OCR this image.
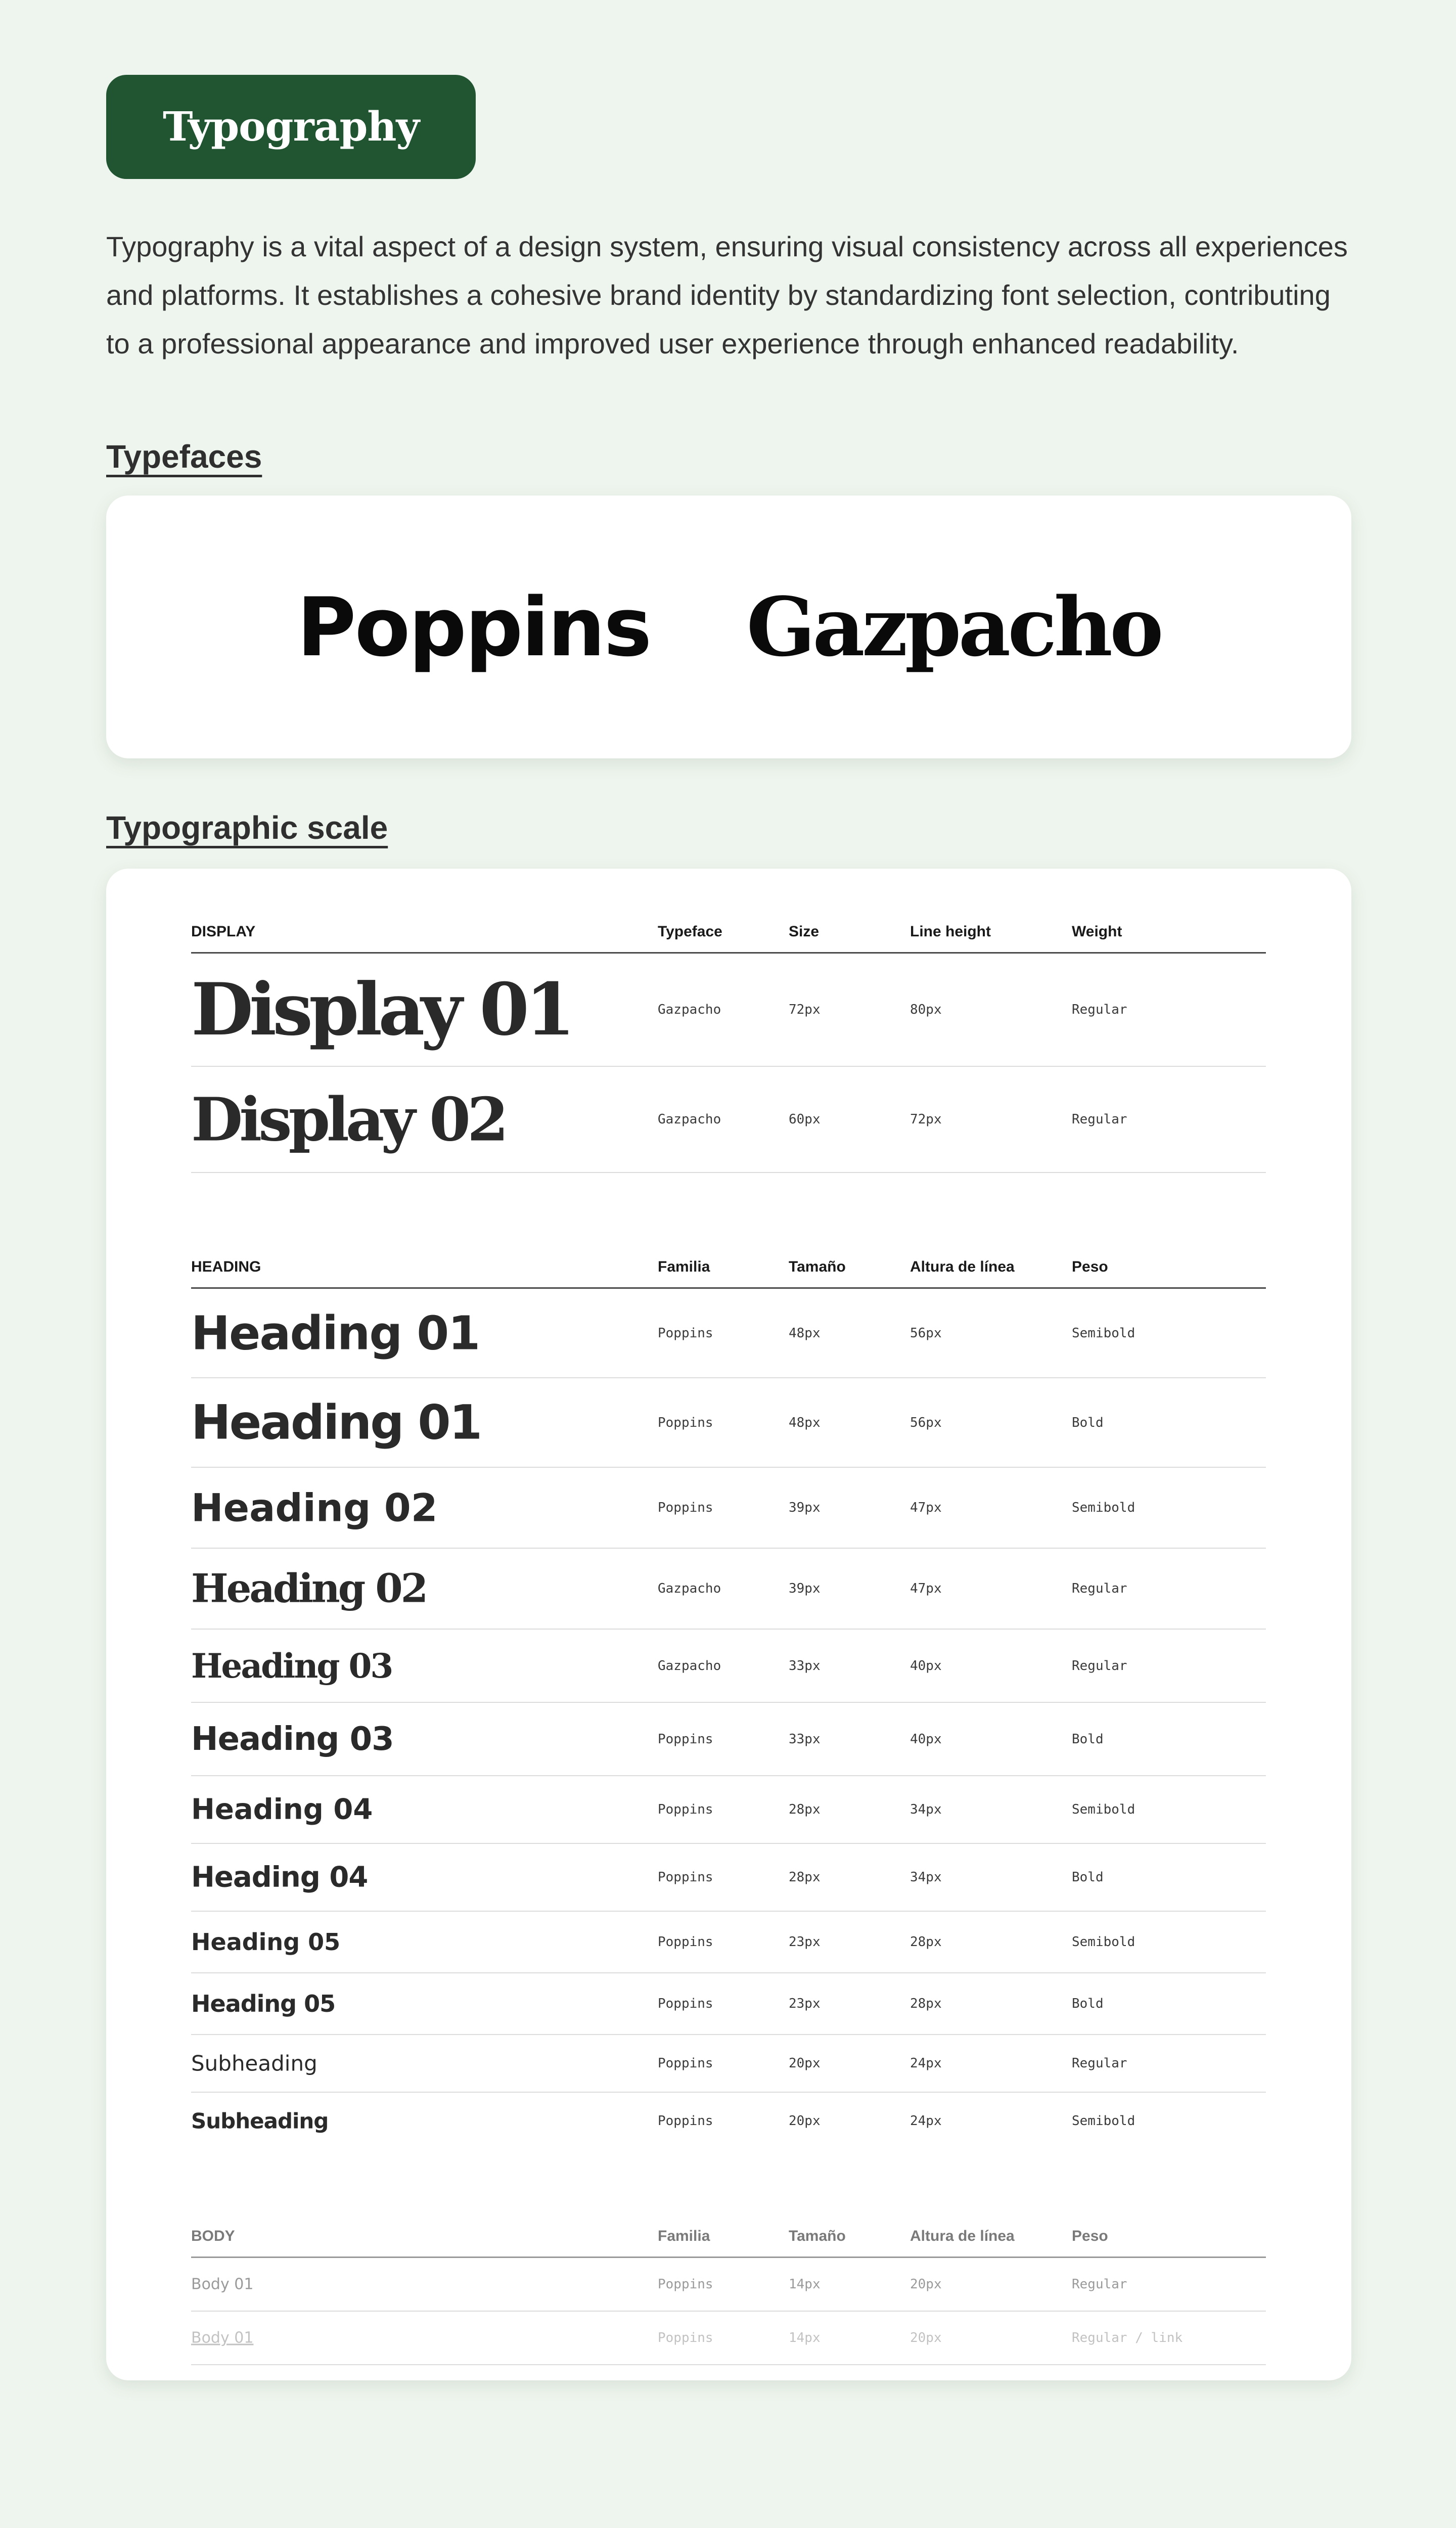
Typography
Typography is a vital aspect of a design system, ensuring visual consistency across all experiences and platforms. It establishes a cohesive brand identity by standardizing font selection, contributing to a professional appearance and improved user experience through enhanced readability.
Typefaces
Poppins Gazpacho
Typographic scale
DISPLAY	Typeface	Size	Line height	Weight
Display 01	Gazpacho	72px	80px	Regular
Display 02	Gazpacho	60px	72px	Regular
HEADING	Familia	Tamaño	Altura de línea	Peso
Heading 01	Poppins	48px	56px	Semibold
Heading 01	Poppins	48px	56px	Bold
Heading 02	Poppins	39px	47px	Semibold
Heading 02	Gazpacho	39px	47px	Regular
Heading 03	Gazpacho	33px	40px	Regular
Heading 03	Poppins	33px	40px	Bold
Heading 04	Poppins	28px	34px	Semibold
Heading 04	Poppins	28px	34px	Bold
Heading 05	Poppins	23px	28px	Semibold
Heading 05	Poppins	23px	28px	Bold
Subheading	Poppins	20px	24px	Regular
Subheading	Poppins	20px	24px	Semibold
BODY	Familia	Tamaño	Altura de línea	Peso
Body 01	Poppins	14px	20px	Regular
Body 01	Poppins	14px	20px	Regular / link
